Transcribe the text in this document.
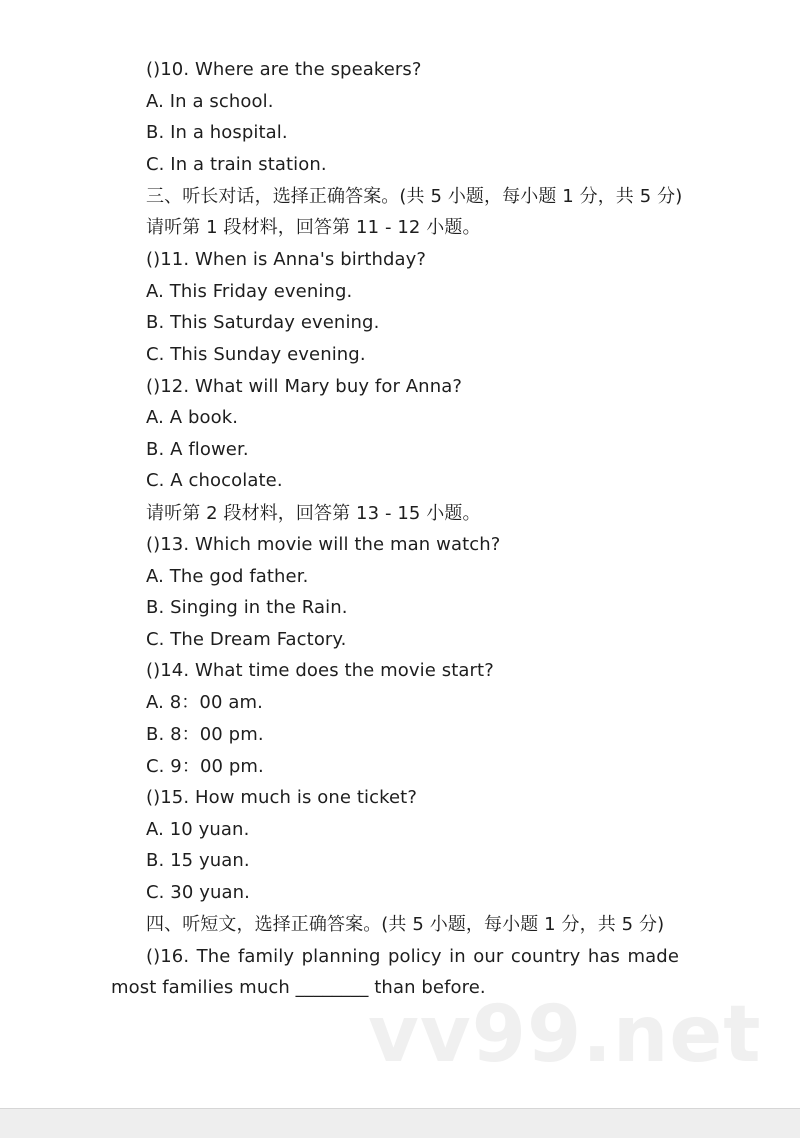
()10. Where are the speakers?
A. In a school.
B. In a hospital.
C. In a train station.
三、听长对话，选择正确答案。(共 5 小题，每小题 1 分，共 5 分)
请听第 1 段材料，回答第 11 - 12 小题。
()11. When is Anna's birthday?
A. This Friday evening.
B. This Saturday evening.
C. This Sunday evening.
()12. What will Mary buy for Anna?
A. A book.
B. A flower.
C. A chocolate.
请听第 2 段材料，回答第 13 - 15 小题。
()13. Which movie will the man watch?
A. The god father.
B. Singing in the Rain.
C. The Dream Factory.
()14. What time does the movie start?
A. 8：00 am.
B. 8：00 pm.
C. 9：00 pm.
()15. How much is one ticket?
A. 10 yuan.
B. 15 yuan.
C. 30 yuan.
四、听短文，选择正确答案。(共 5 小题，每小题 1 分，共 5 分)
()16. The family planning policy in our country has made
most families much ________ than before.
vv99.net
